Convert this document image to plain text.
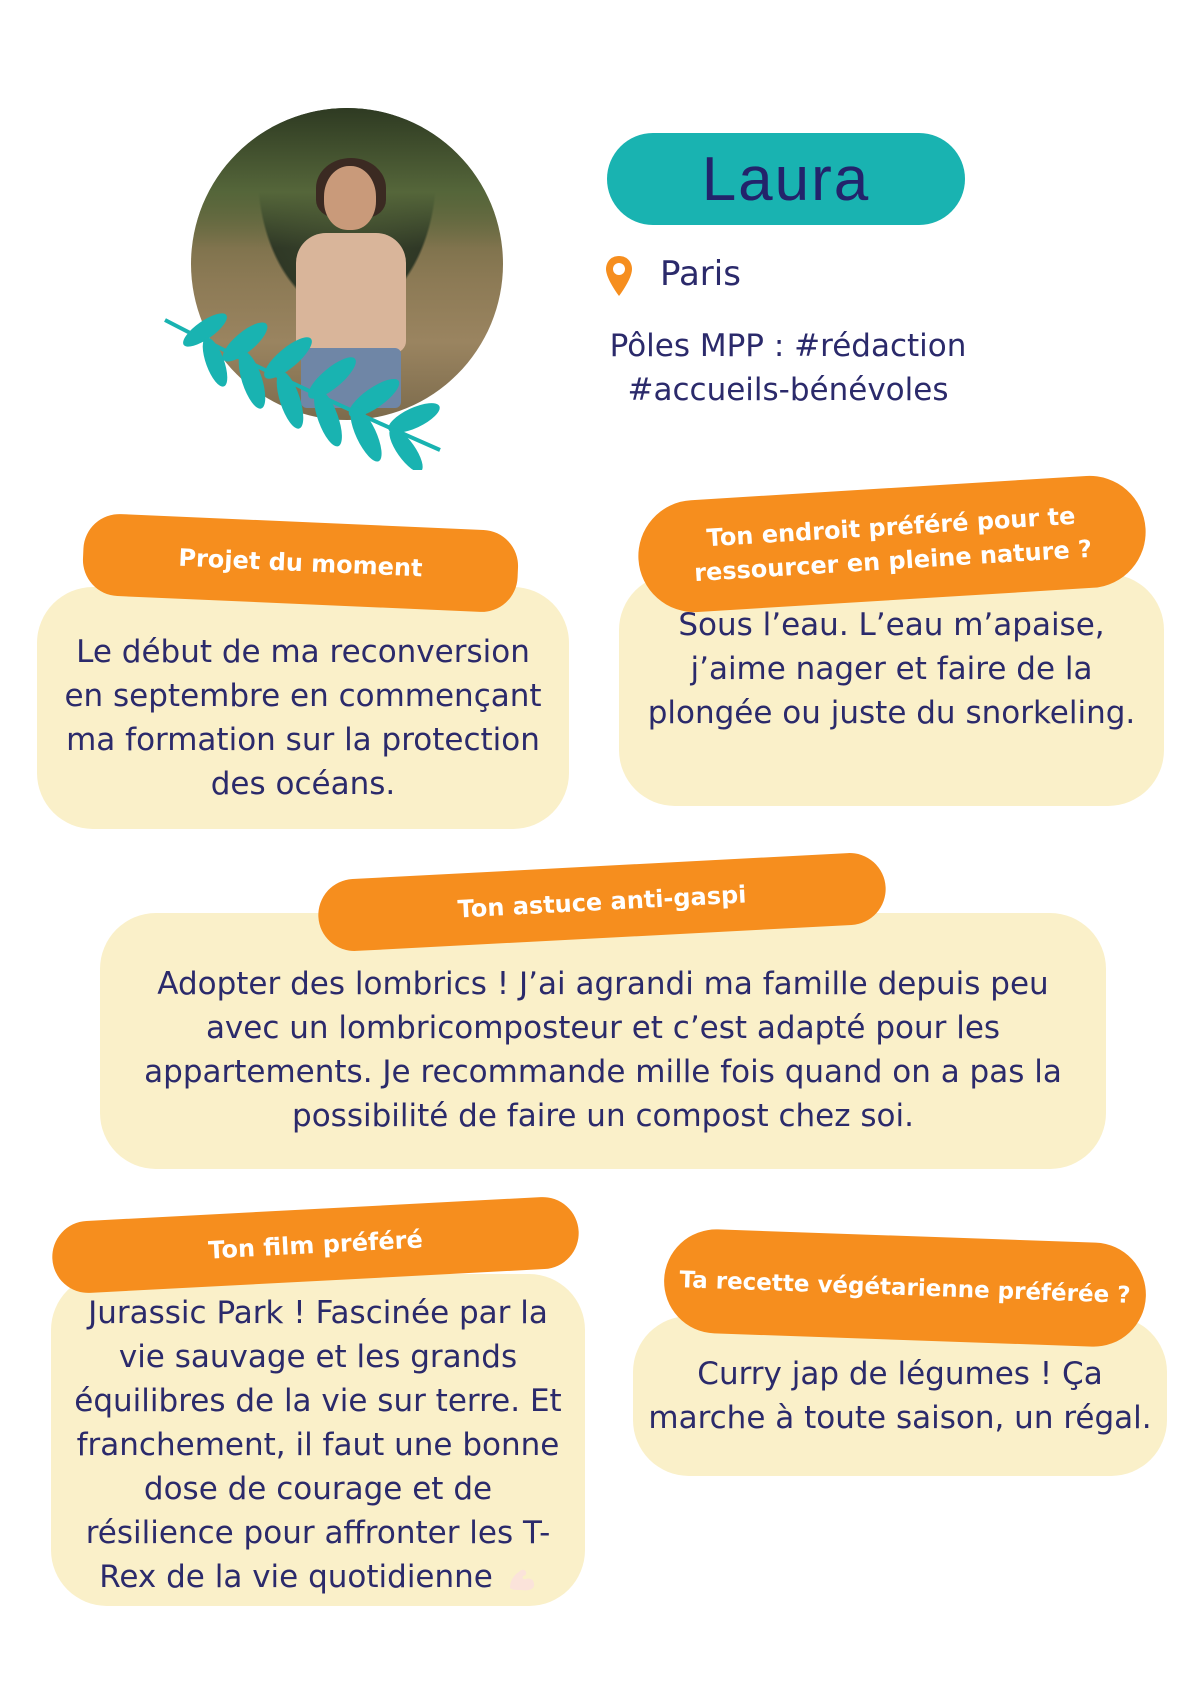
Laura
Paris
Pôles MPP : #rédaction
#accueils-bénévoles
Le début de ma reconversion en septembre en commençant ma formation sur la protection des océans.
Projet du moment
Sous l’eau. L’eau m’apaise, j’aime nager et faire de la plongée ou juste du snorkeling.
Ton endroit préféré pour te ressourcer en pleine nature ?
Adopter des lombrics ! J’ai agrandi ma famille depuis peu avec un lombricomposteur et c’est adapté pour les appartements. Je recommande mille fois quand on a pas la possibilité de faire un compost chez soi.
Ton astuce anti-gaspi
Jurassic Park ! Fascinée par la vie sauvage et les grands équilibres de la vie sur terre. Et franchement, il faut une bonne dose de courage et de résilience pour affronter les T-Rex de la vie quotidienne
Ton film préféré
Curry jap de légumes ! Ça marche à toute saison, un régal.
Ta recette végétarienne préférée ?
